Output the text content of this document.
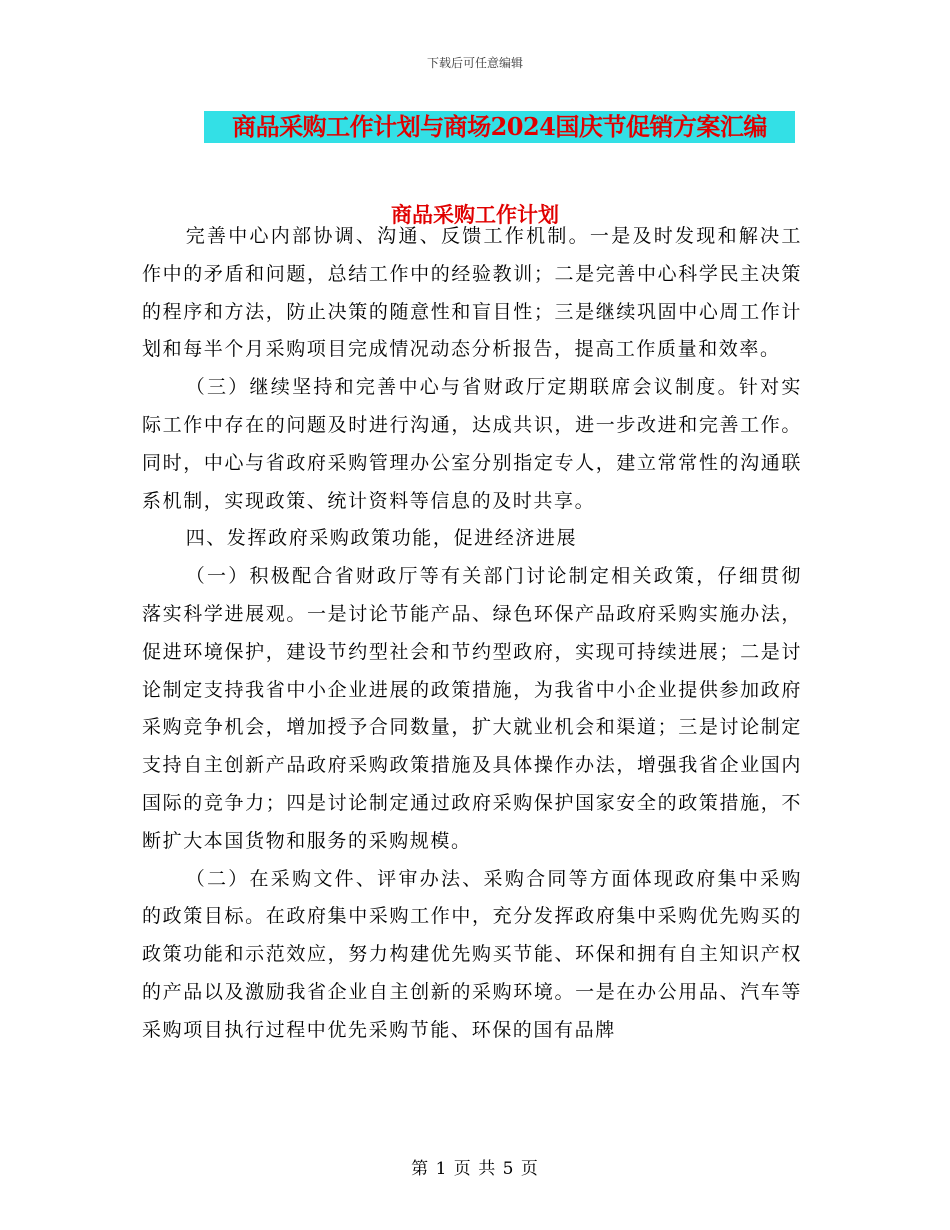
下载后可任意编辑
商品采购工作计划与商场2024国庆节促销方案汇编
商品采购工作计划

完善中心内部协调、沟通、反馈工作机制。一是及时发现和解决工作中的矛盾和问题，总结工作中的经验教训；二是完善中心科学民主决策的程序和方法，防止决策的随意性和盲目性；三是继续巩固中心周工作计划和每半个月采购项目完成情况动态分析报告，提高工作质量和效率。

（三）继续坚持和完善中心与省财政厅定期联席会议制度。针对实际工作中存在的问题及时进行沟通，达成共识，进一步改进和完善工作。同时，中心与省政府采购管理办公室分别指定专人，建立常常性的沟通联系机制，实现政策、统计资料等信息的及时共享。

四、发挥政府采购政策功能，促进经济进展

（一）积极配合省财政厅等有关部门讨论制定相关政策，仔细贯彻落实科学进展观。一是讨论节能产品、绿色环保产品政府采购实施办法，促进环境保护，建设节约型社会和节约型政府，实现可持续进展；二是讨论制定支持我省中小企业进展的政策措施，为我省中小企业提供参加政府采购竞争机会，增加授予合同数量，扩大就业机会和渠道；三是讨论制定支持自主创新产品政府采购政策措施及具体操作办法，增强我省企业国内国际的竞争力；四是讨论制定通过政府采购保护国家安全的政策措施，不断扩大本国货物和服务的采购规模。

（二）在采购文件、评审办法、采购合同等方面体现政府集中采购的政策目标。在政府集中采购工作中，充分发挥政府集中采购优先购买的政策功能和示范效应，努力构建优先购买节能、环保和拥有自主知识产权的产品以及激励我省企业自主创新的采购环境。一是在办公用品、汽车等采购项目执行过程中优先采购节能、环保的国有品牌

第 1 页 共 5 页
